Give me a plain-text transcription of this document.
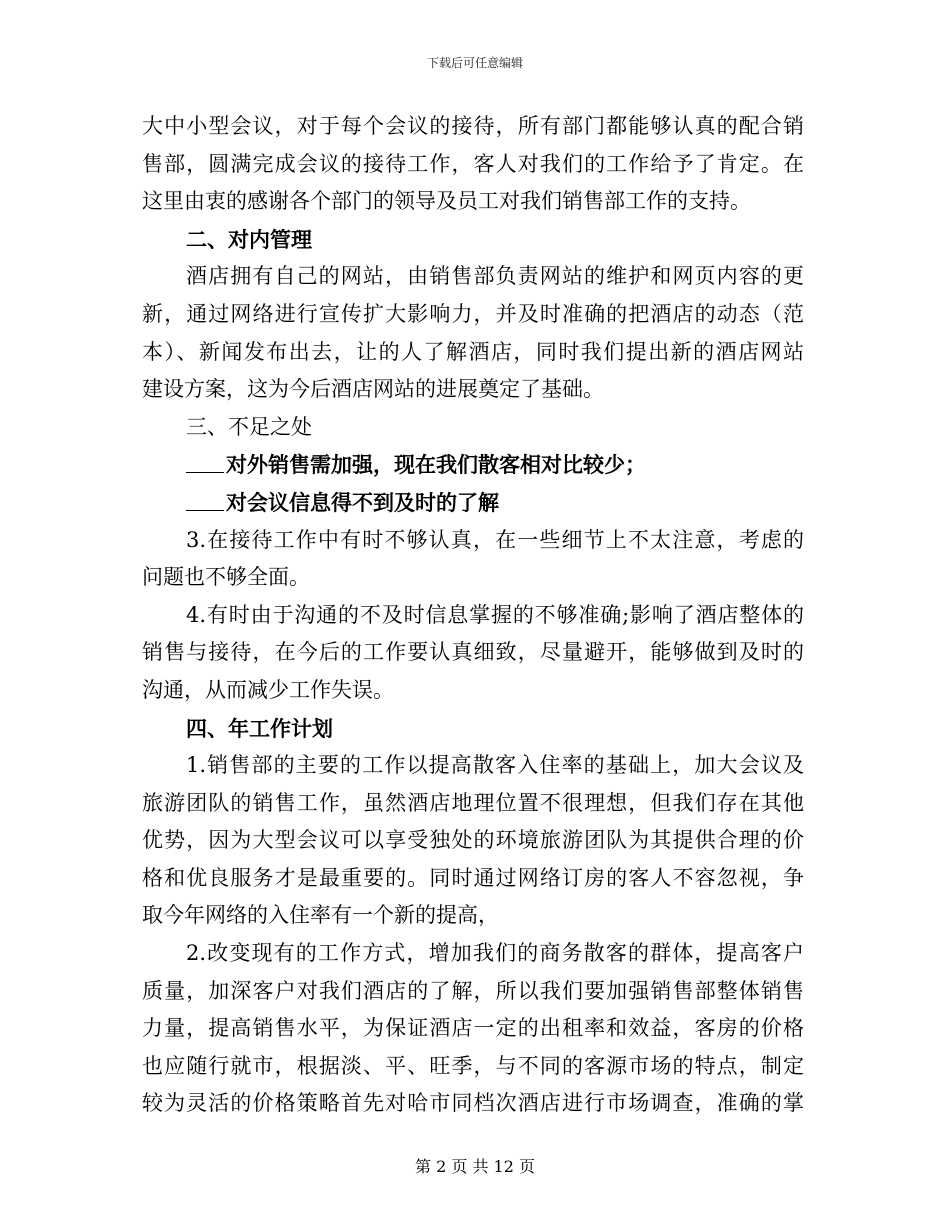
下载后可任意编辑
大中小型会议，对于每个会议的接待，所有部门都能够认真的配合销
售部，圆满完成会议的接待工作，客人对我们的工作给予了肯定。在
这里由衷的感谢各个部门的领导及员工对我们销售部工作的支持。
二、对内管理
酒店拥有自己的网站，由销售部负责网站的维护和网页内容的更
新，通过网络进行宣传扩大影响力，并及时准确的把酒店的动态（范
本）、新闻发布出去，让的人了解酒店，同时我们提出新的酒店网站
建设方案，这为今后酒店网站的进展奠定了基础。
三、不足之处
对外销售需加强，现在我们散客相对比较少；
对会议信息得不到及时的了解
3.在接待工作中有时不够认真，在一些细节上不太注意，考虑的
问题也不够全面。
4.有时由于沟通的不及时信息掌握的不够准确;影响了酒店整体的
销售与接待，在今后的工作要认真细致，尽量避开，能够做到及时的
沟通，从而减少工作失误。
四、年工作计划
1.销售部的主要的工作以提高散客入住率的基础上，加大会议及
旅游团队的销售工作，虽然酒店地理位置不很理想，但我们存在其他
优势，因为大型会议可以享受独处的环境旅游团队为其提供合理的价
格和优良服务才是最重要的。同时通过网络订房的客人不容忽视，争
取今年网络的入住率有一个新的提高，
2.改变现有的工作方式，增加我们的商务散客的群体，提高客户
质量，加深客户对我们酒店的了解，所以我们要加强销售部整体销售
力量，提高销售水平，为保证酒店一定的出租率和效益，客房的价格
也应随行就市，根据淡、平、旺季，与不同的客源市场的特点，制定
较为灵活的价格策略首先对哈市同档次酒店进行市场调查，准确的掌
第 2 页 共 12 页
